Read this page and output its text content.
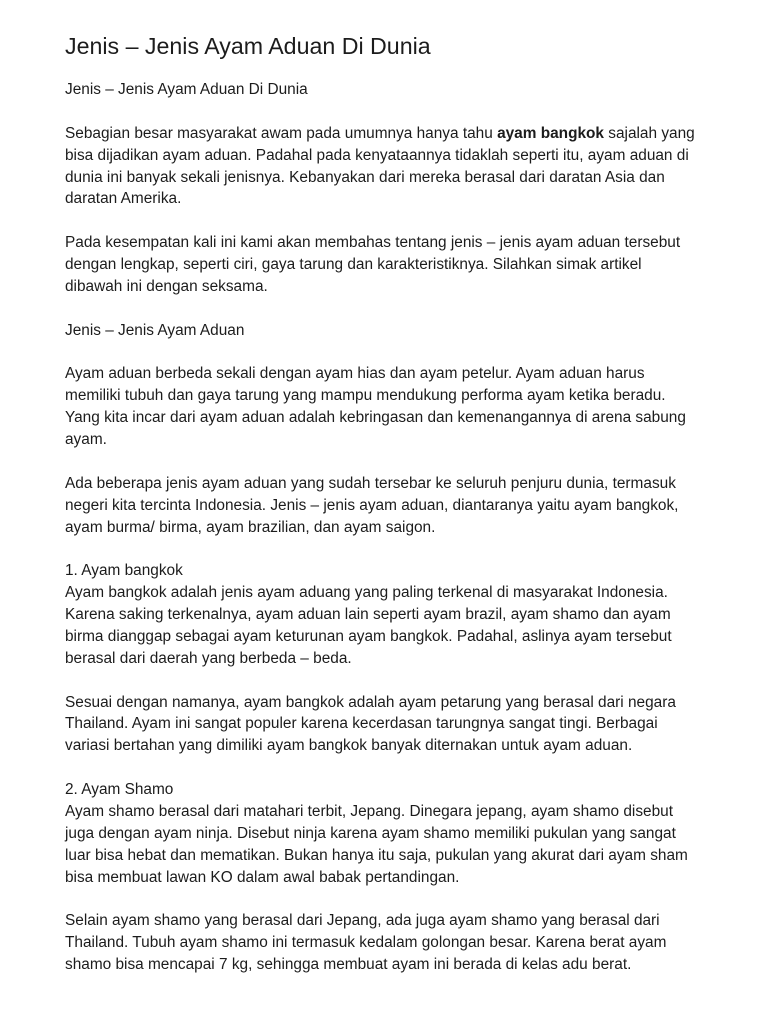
Jenis – Jenis Ayam Aduan Di Dunia
Jenis – Jenis Ayam Aduan Di Dunia
Sebagian besar masyarakat awam pada umumnya hanya tahu ayam bangkok sajalah yang
bisa dijadikan ayam aduan. Padahal pada kenyataannya tidaklah seperti itu, ayam aduan di
dunia ini banyak sekali jenisnya. Kebanyakan dari mereka berasal dari daratan Asia dan
daratan Amerika.
Pada kesempatan kali ini kami akan membahas tentang jenis – jenis ayam aduan tersebut
dengan lengkap, seperti ciri, gaya tarung dan karakteristiknya. Silahkan simak artikel
dibawah ini dengan seksama.
Jenis – Jenis Ayam Aduan
Ayam aduan berbeda sekali dengan ayam hias dan ayam petelur. Ayam aduan harus
memiliki tubuh dan gaya tarung yang mampu mendukung performa ayam ketika beradu.
Yang kita incar dari ayam aduan adalah kebringasan dan kemenangannya di arena sabung
ayam.
Ada beberapa jenis ayam aduan yang sudah tersebar ke seluruh penjuru dunia, termasuk
negeri kita tercinta Indonesia. Jenis – jenis ayam aduan, diantaranya yaitu ayam bangkok,
ayam burma/ birma, ayam brazilian, dan ayam saigon.
1. Ayam bangkok
Ayam bangkok adalah jenis ayam aduang yang paling terkenal di masyarakat Indonesia.
Karena saking terkenalnya, ayam aduan lain seperti ayam brazil, ayam shamo dan ayam
birma dianggap sebagai ayam keturunan ayam bangkok. Padahal, aslinya ayam tersebut
berasal dari daerah yang berbeda – beda.
Sesuai dengan namanya, ayam bangkok adalah ayam petarung yang berasal dari negara
Thailand. Ayam ini sangat populer karena kecerdasan tarungnya sangat tingi. Berbagai
variasi bertahan yang dimiliki ayam bangkok banyak diternakan untuk ayam aduan.
2. Ayam Shamo
Ayam shamo berasal dari matahari terbit, Jepang. Dinegara jepang, ayam shamo disebut
juga dengan ayam ninja. Disebut ninja karena ayam shamo memiliki pukulan yang sangat
luar bisa hebat dan mematikan. Bukan hanya itu saja, pukulan yang akurat dari ayam sham
bisa membuat lawan KO dalam awal babak pertandingan.
Selain ayam shamo yang berasal dari Jepang, ada juga ayam shamo yang berasal dari
Thailand. Tubuh ayam shamo ini termasuk kedalam golongan besar. Karena berat ayam
shamo bisa mencapai 7 kg, sehingga membuat ayam ini berada di kelas adu berat.
